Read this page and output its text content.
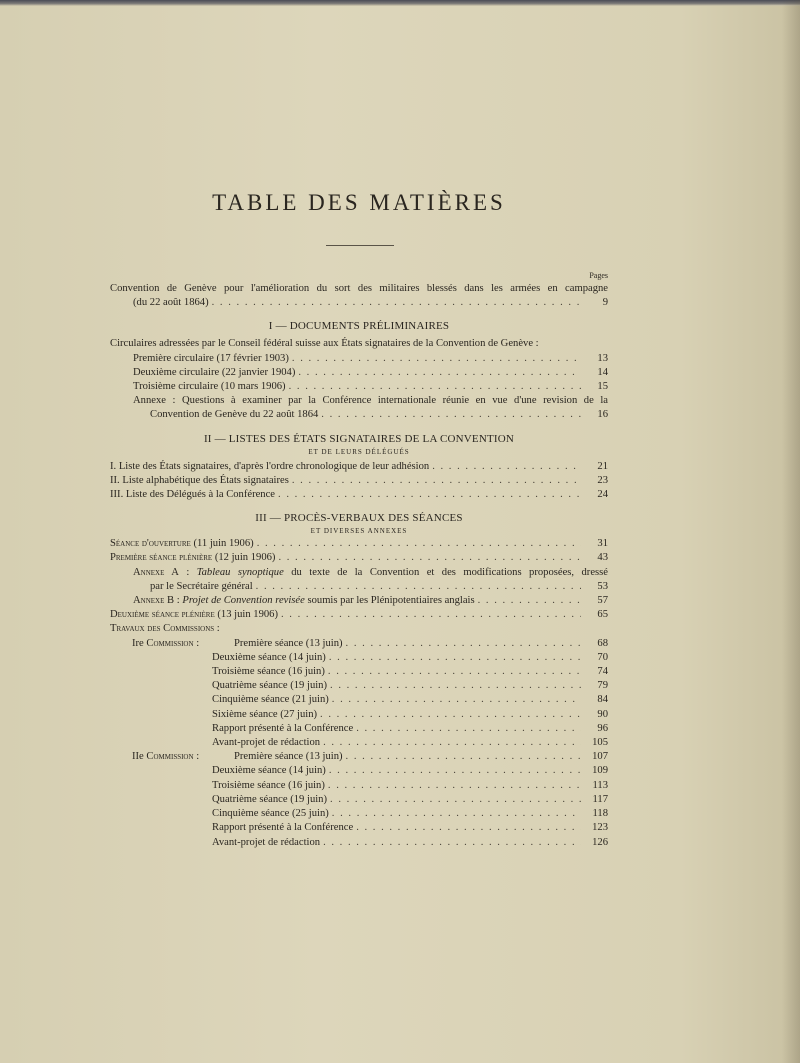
TABLE DES MATIÈRES
Pages
Convention de Genève pour l'amélioration du sort des militaires blessés dans les armées en campagne
(du 22 août 1864) . . .	9
I — DOCUMENTS PRÉLIMINAIRES
Circulaires adressées par le Conseil fédéral suisse aux États signataires de la Convention de Genève :
Première circulaire (17 février 1903) . . .	13
Deuxième circulaire (22 janvier 1904) . . .	14
Troisième circulaire (10 mars 1906) . . .	15
Annexe : Questions à examiner par la Conférence internationale réunie en vue d'une revision de la
Convention de Genève du 22 août 1864 . . .	16
II — LISTES DES ÉTATS SIGNATAIRES DE LA CONVENTION
ET DE LEURS DÉLÉGUÉS
I. Liste des États signataires, d'après l'ordre chronologique de leur adhésion . . .	21
II. Liste alphabétique des États signataires . . .	23
III. Liste des Délégués à la Conférence . . .	24
III — PROCÈS-VERBAUX DES SÉANCES
ET DIVERSES ANNEXES
Séance d'ouverture (11 juin 1906) . . .	31
Première séance plénière (12 juin 1906) . . .	43
Annexe A : Tableau synoptique du texte de la Convention et des modifications proposées, dressé
par le Secrétaire général . . .	53
Annexe B : Projet de Convention revisée soumis par les Plénipotentiaires anglais . . .	57
Deuxième séance plénière (13 juin 1906) . . .	65
Travaux des Commissions :
Ire Commission :	Première séance (13 juin) . . .	68
Deuxième séance (14 juin) . . .	70
Troisième séance (16 juin) . . .	74
Quatrième séance (19 juin) . . .	79
Cinquième séance (21 juin) . . .	84
Sixième séance (27 juin) . . .	90
Rapport présenté à la Conférence . . .	96
Avant-projet de rédaction . . .	105
IIe Commission :	Première séance (13 juin) . . .	107
Deuxième séance (14 juin) . . .	109
Troisième séance (16 juin) . . .	113
Quatrième séance (19 juin) . . .	117
Cinquième séance (25 juin) . . .	118
Rapport présenté à la Conférence . . .	123
Avant-projet de rédaction . . .	126
